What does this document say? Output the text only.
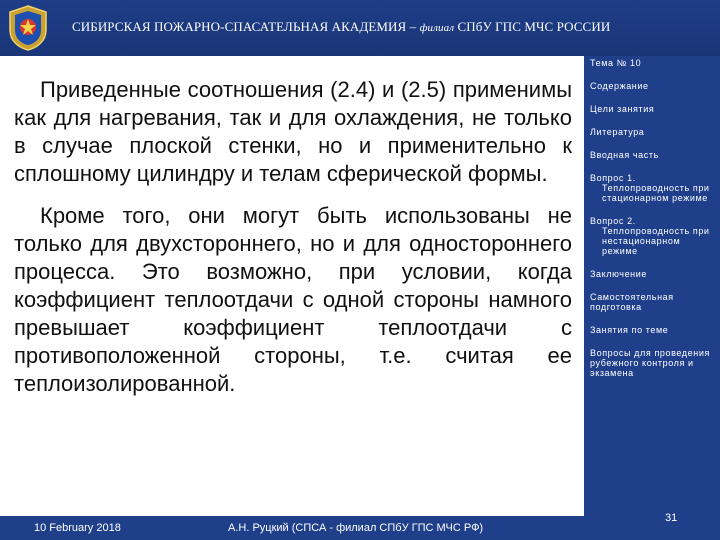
СИБИРСКАЯ ПОЖАРНО-СПАСАТЕЛЬНАЯ АКАДЕМИЯ – филиал СПбУ ГПС МЧС РОССИИ

Приведенные соотношения (2.4) и (2.5) применимы как для нагревания, так и для охлаждения, не только в случае плоской стенки, но и применительно к сплошному цилиндру и телам сферической формы.

Кроме того, они могут быть использованы не только для двухстороннего, но и для одностороннего процесса. Это возможно, при условии, когда коэффициент теплоотдачи с одной стороны намного превышает коэффициент теплоотдачи с противоположенной стороны, т.е. считая ее теплоизолированной.

Тема № 10
Содержание
Цели занятия
Литература
Вводная часть
Вопрос 1.
Теплопроводность при стационарном режиме
Вопрос 2.
Теплопроводность при нестационарном режиме
Заключение
Самостоятельная подготовка
Занятия по теме
Вопросы для проведения рубежного контроля и экзамена
10 February 2018	А.Н. Руцкий (СПСА - филиал СПбУ ГПС МЧС РФ)
31
